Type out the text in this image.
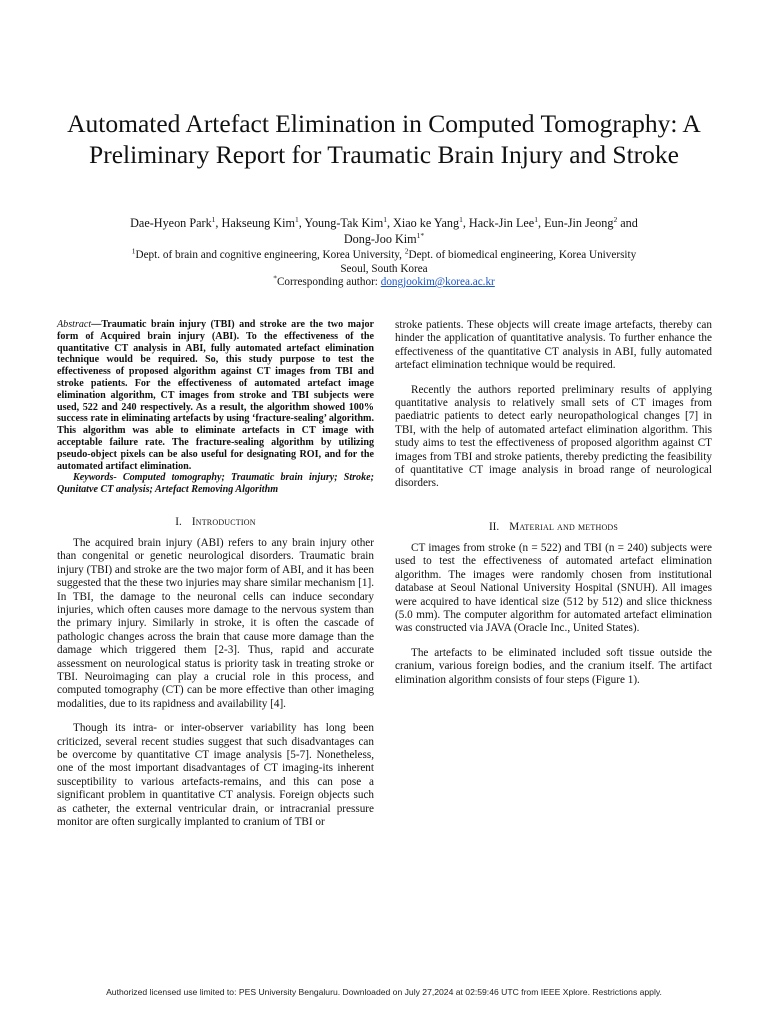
Automated Artefact Elimination in Computed Tomography: A Preliminary Report for Traumatic Brain Injury and Stroke
Dae-Hyeon Park$^1$, Hakseung Kim$^1$, Young-Tak Kim$^1$, Xiao ke Yang$^1$, Hack-Jin Lee$^1$, Eun-Jin Jeong$^2$ and
Dong-Joo Kim$^{1*}$
$^1$Dept. of brain and cognitive engineering, Korea University, $^2$Dept. of biomedical engineering, Korea University
Seoul, South Korea
*Corresponding author: dongjookim@korea.ac.kr

Abstract—Traumatic brain injury (TBI) and stroke are the two major form of Acquired brain injury (ABI). To the effectiveness of the quantitative CT analysis in ABI, fully automated artefact elimination technique would be required. So, this study purpose to test the effectiveness of proposed algorithm against CT images from TBI and stroke patients. For the effectiveness of automated artefact image elimination algorithm, CT images from stroke and TBI subjects were used, 522 and 240 respectively. As a result, the algorithm showed 100% success rate in eliminating artefacts by using ‘fracture-sealing’ algorithm. This algorithm was able to eliminate artefacts in CT image with acceptable failure rate. The fracture-sealing algorithm by utilizing pseudo-object pixels can be also useful for designating ROI, and for the automated artifact elimination.

Keywords- Computed tomography; Traumatic brain injury; Stroke; Qunitatve CT analysis; Artefact Removing Algorithm

I. Introduction

The acquired brain injury (ABI) refers to any brain injury other than congenital or genetic neurological disorders. Traumatic brain injury (TBI) and stroke are the two major form of ABI, and it has been suggested that the these two injuries may share similar mechanism [1]. In TBI, the damage to the neuronal cells can induce secondary injuries, which often causes more damage to the nervous system than the primary injury. Similarly in stroke, it is often the cascade of pathologic changes across the brain that cause more damage than the damage which triggered them [2-3]. Thus, rapid and accurate assessment on neurological status is priority task in treating stroke or TBI. Neuroimaging can play a crucial role in this process, and computed tomography (CT) can be more effective than other imaging modalities, due to its rapidness and availability [4].

Though its intra- or inter-observer variability has long been criticized, several recent studies suggest that such disadvantages can be overcome by quantitative CT image analysis [5-7]. Nonetheless, one of the most important disadvantages of CT imaging-its inherent susceptibility to various artefacts-remains, and this can pose a significant problem in quantitative CT analysis. Foreign objects such as catheter, the external ventricular drain, or intracranial pressure monitor are often surgically implanted to cranium of TBI or

stroke patients. These objects will create image artefacts, thereby can hinder the application of quantitative analysis. To further enhance the effectiveness of the quantitative CT analysis in ABI, fully automated artefact elimination technique would be required.

Recently the authors reported preliminary results of applying quantitative analysis to relatively small sets of CT images from paediatric patients to detect early neuropathological changes [7] in TBI, with the help of automated artefact elimination algorithm. This study aims to test the effectiveness of proposed algorithm against CT images from TBI and stroke patients, thereby predicting the feasibility of quantitative CT image analysis in broad range of neurological disorders.

II. Material and methods

CT images from stroke (n = 522) and TBI (n = 240) subjects were used to test the effectiveness of automated artefact elimination algorithm. The images were randomly chosen from institutional database at Seoul National University Hospital (SNUH). All images were acquired to have identical size (512 by 512) and slice thickness (5.0 mm). The computer algorithm for automated artefact elimination was constructed via JAVA (Oracle Inc., United States).

The artefacts to be eliminated included soft tissue outside the cranium, various foreign bodies, and the cranium itself. The artifact elimination algorithm consists of four steps (Figure 1).

Authorized licensed use limited to: PES University Bengaluru. Downloaded on July 27,2024 at 02:59:46 UTC from IEEE Xplore. Restrictions apply.
